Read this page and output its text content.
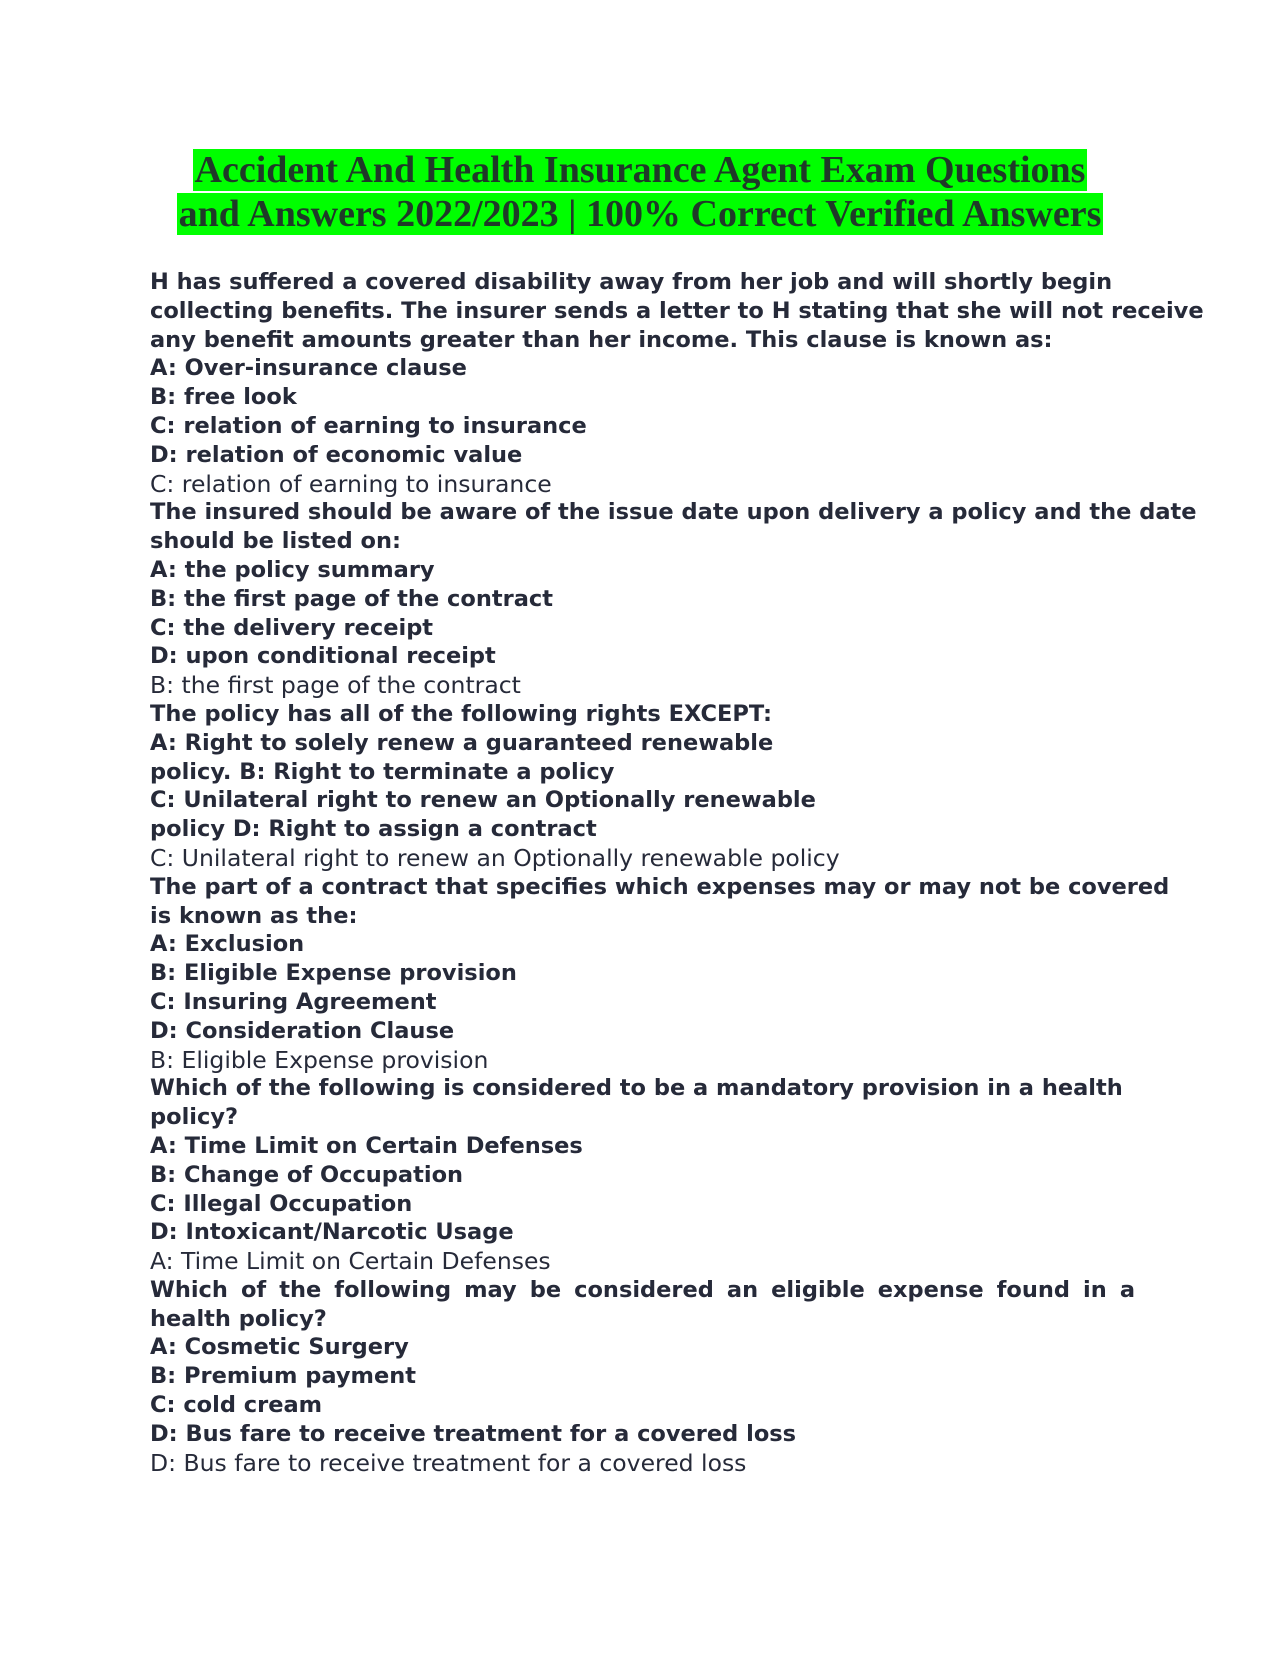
Accident And Health Insurance Agent Exam Questions
and Answers 2022/2023 | 100% Correct Verified Answers
H has suffered a covered disability away from her job and will shortly begin
collecting benefits. The insurer sends a letter to H stating that she will not receive
any benefit amounts greater than her income. This clause is known as:
A: Over-insurance clause
B: free look
C: relation of earning to insurance
D: relation of economic value
C: relation of earning to insurance
The insured should be aware of the issue date upon delivery a policy and the date
should be listed on:
A: the policy summary
B: the first page of the contract
C: the delivery receipt
D: upon conditional receipt
B: the first page of the contract
The policy has all of the following rights EXCEPT:
A: Right to solely renew a guaranteed renewable
policy. B: Right to terminate a policy
C: Unilateral right to renew an Optionally renewable
policy D: Right to assign a contract
C: Unilateral right to renew an Optionally renewable policy
The part of a contract that specifies which expenses may or may not be covered
is known as the:
A: Exclusion
B: Eligible Expense provision
C: Insuring Agreement
D: Consideration Clause
B: Eligible Expense provision
Which of the following is considered to be a mandatory provision in a health
policy?
A: Time Limit on Certain Defenses
B: Change of Occupation
C: Illegal Occupation
D: Intoxicant/Narcotic Usage
A: Time Limit on Certain Defenses
Which of the following may be considered an eligible expense found in a
health policy?
A: Cosmetic Surgery
B: Premium payment
C: cold cream
D: Bus fare to receive treatment for a covered loss
D: Bus fare to receive treatment for a covered loss
